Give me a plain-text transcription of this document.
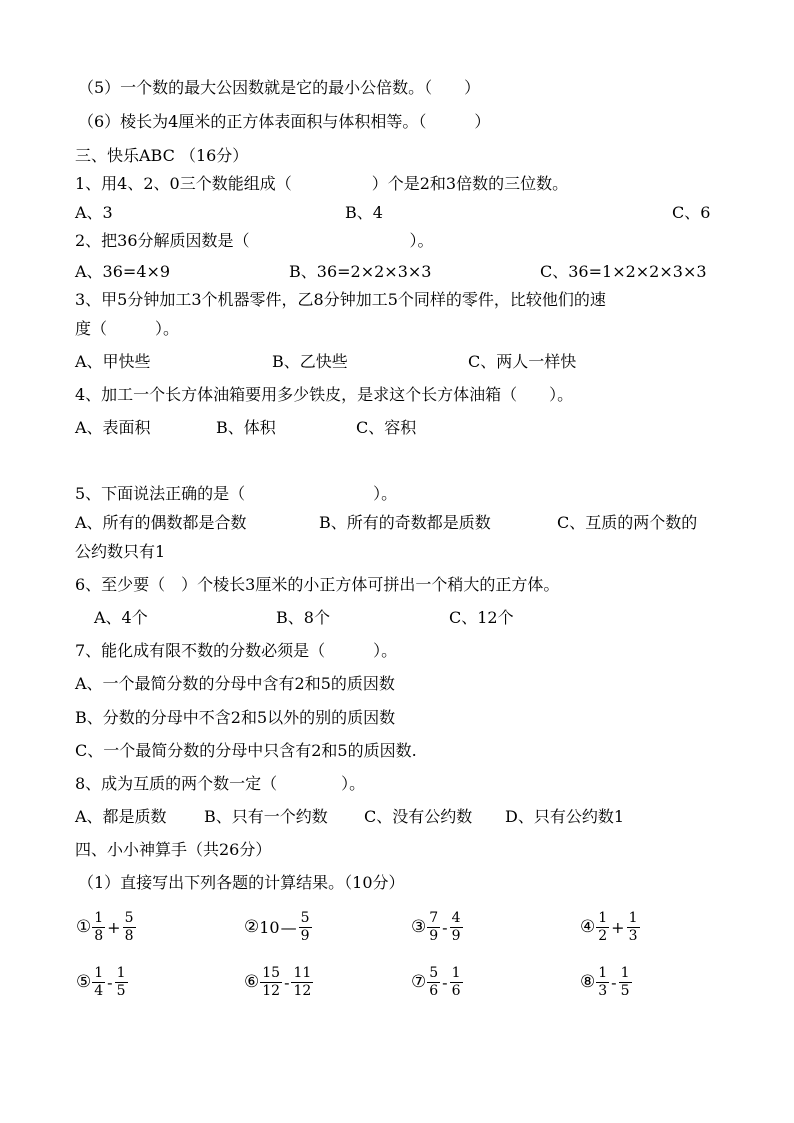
（5）一个数的最大公因数就是它的最小公倍数。（　　）
（6）棱长为4厘米的正方体表面积与体积相等。（　　　）
三、快乐ABC （16分）
1、用4、2、0三个数能组成（　　　　　）个是2和3倍数的三位数。
A、3	B、4	C、6
2、把36分解质因数是（　　　　　　　　　　）。
A、36=4×9	B、36=2×2×3×3	C、36=1×2×2×3×3
3、甲5分钟加工3个机器零件，乙8分钟加工5个同样的零件，比较他们的速
度（　　　）。
A、甲快些	B、乙快些	C、两人一样快
4、加工一个长方体油箱要用多少铁皮，是求这个长方体油箱（　　）。
A、表面积	B、体积	C、容积
5、下面说法正确的是（　　　　　　　　）。
A、所有的偶数都是合数	B、所有的奇数都是质数	C、互质的两个数的
公约数只有1
6、至少要（　）个棱长3厘米的小正方体可拼出一个稍大的正方体。
A、4个	B、8个	C、12个
7、能化成有限不数的分数必须是（　　　）。
A、一个最简分数的分母中含有2和5的质因数
B、分数的分母中不含2和5以外的别的质因数
C、一个最简分数的分母中只含有2和5的质因数.
8、成为互质的两个数一定（　　　　）。
A、都是质数 B、只有一个约数 C、没有公约数 D、只有公约数1
四、小小神算手（共26分）
（1）直接写出下列各题的计算结果。（10分）
① $\frac{1}{8} + \frac{5}{8}$	② 10 — $\frac{5}{9}$	③ $\frac{7}{9} - \frac{4}{9}$	④ $\frac{1}{2} + \frac{1}{3}$
⑤ $\frac{1}{4} - \frac{1}{5}$	⑥ $\frac{15}{12} - \frac{11}{12}$	⑦ $\frac{5}{6} - \frac{1}{6}$	⑧ $\frac{1}{3} - \frac{1}{5}$
